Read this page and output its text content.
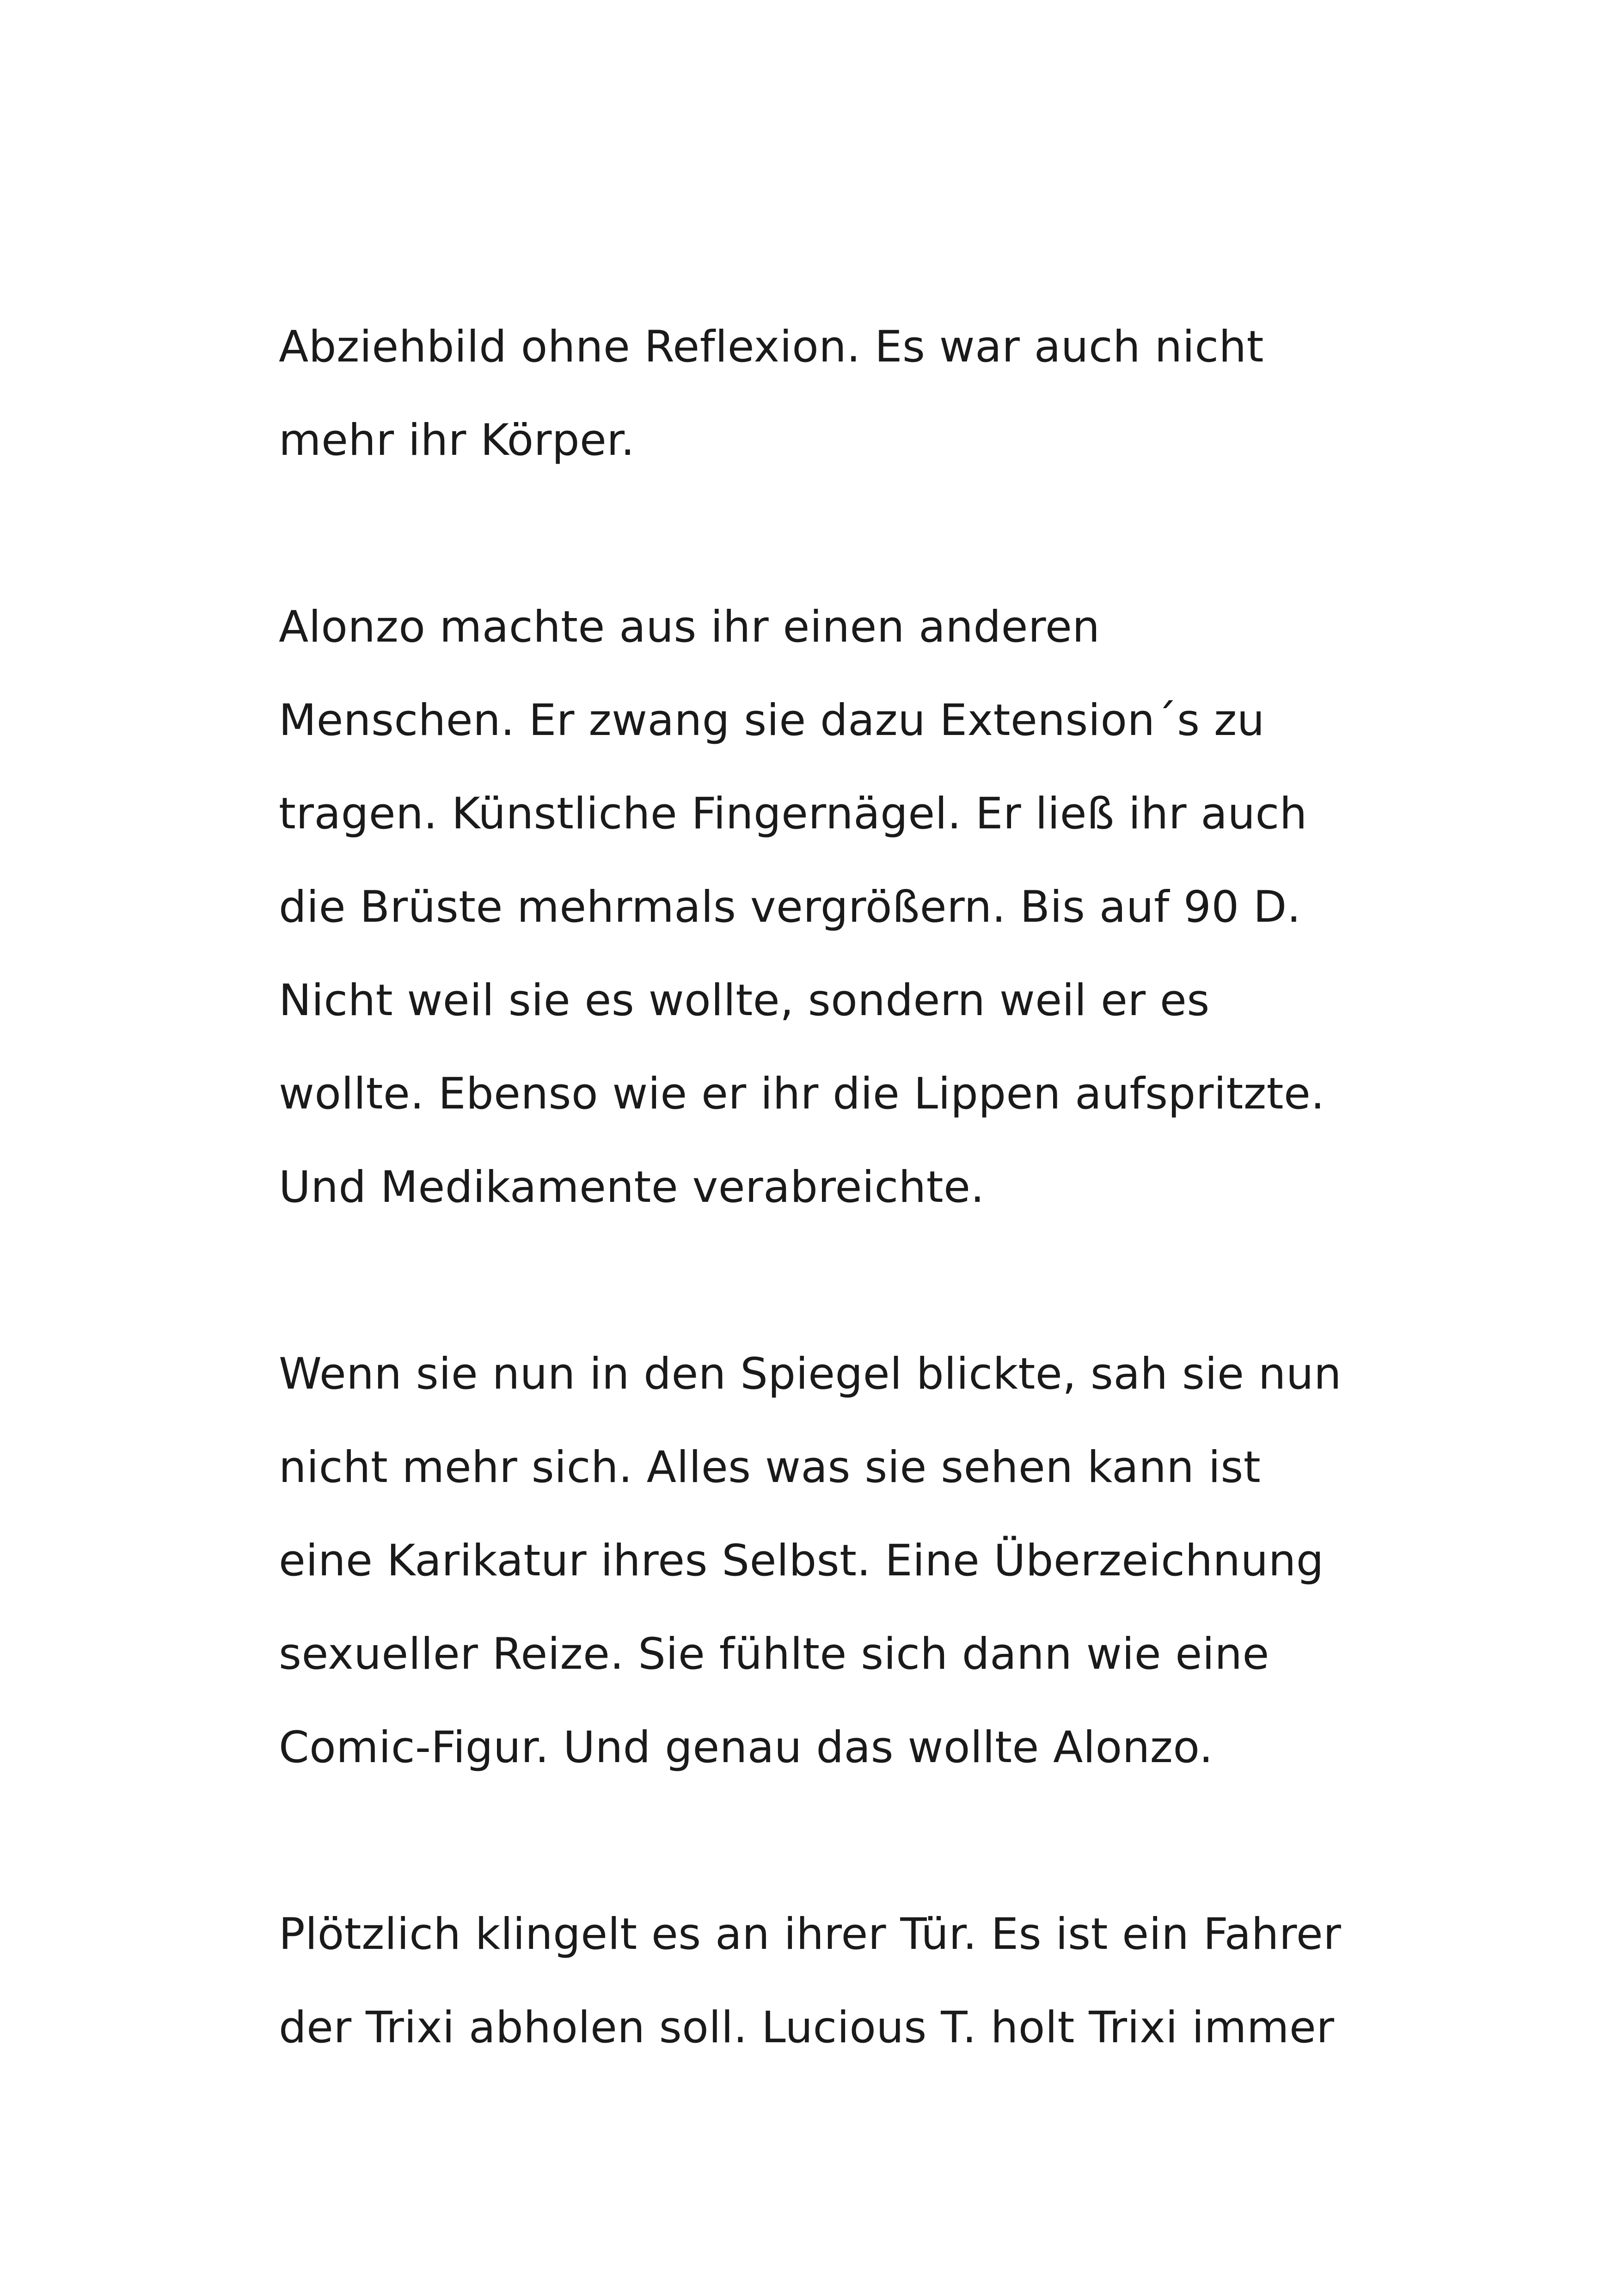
Abziehbild ohne Reflexion. Es war auch nicht
mehr ihr Körper.

Alonzo machte aus ihr einen anderen
Menschen. Er zwang sie dazu Extension´s zu
tragen. Künstliche Fingernägel. Er ließ ihr auch
die Brüste mehrmals vergrößern. Bis auf 90 D.
Nicht weil sie es wollte, sondern weil er es
wollte. Ebenso wie er ihr die Lippen aufspritzte.
Und Medikamente verabreichte.

Wenn sie nun in den Spiegel blickte, sah sie nun
nicht mehr sich. Alles was sie sehen kann ist
eine Karikatur ihres Selbst. Eine Überzeichnung
sexueller Reize. Sie fühlte sich dann wie eine
Comic-Figur. Und genau das wollte Alonzo.

Plötzlich klingelt es an ihrer Tür. Es ist ein Fahrer
der Trixi abholen soll. Lucious T. holt Trixi immer
